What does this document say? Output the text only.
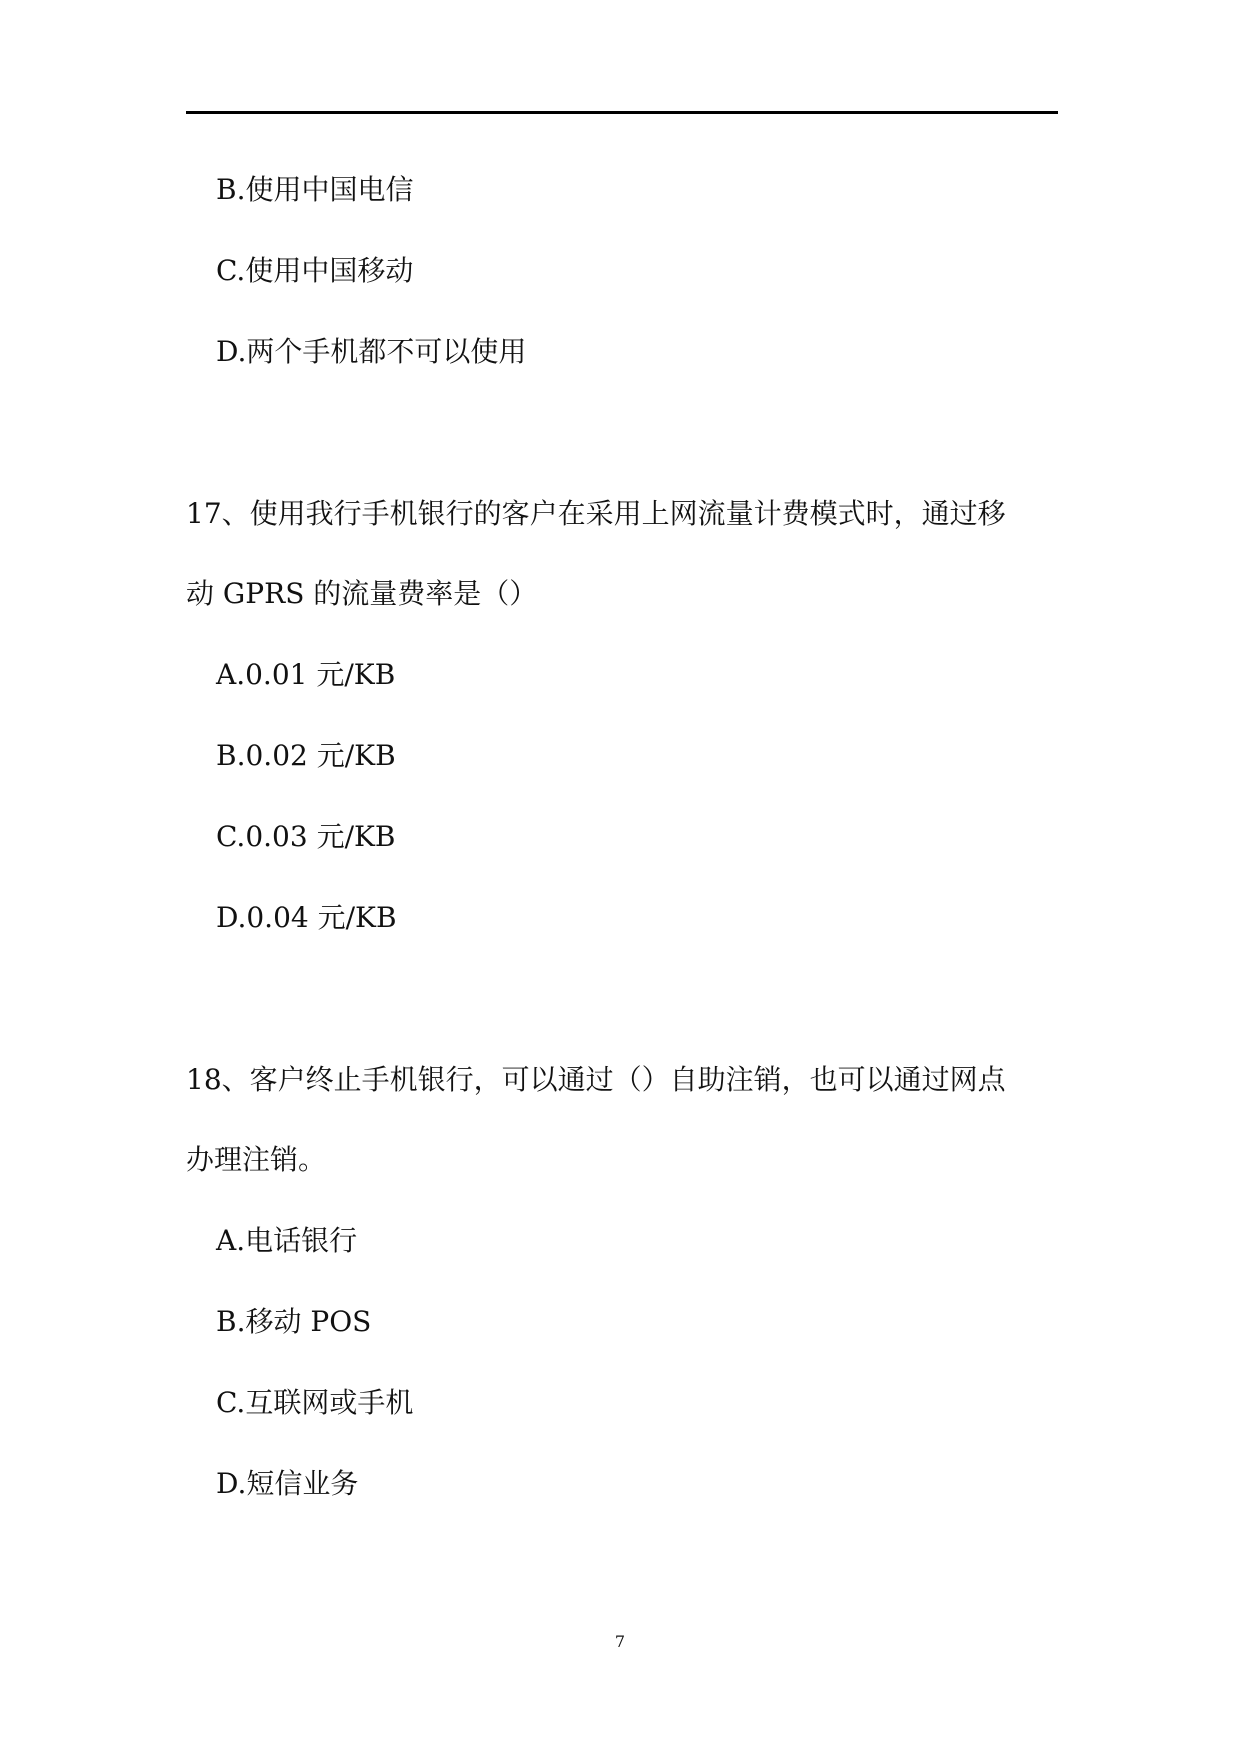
B.使用中国电信
C.使用中国移动
D.两个手机都不可以使用
17、使用我行手机银行的客户在采用上网流量计费模式时，通过移
动 GPRS 的流量费率是（）
A.0.01 元/KB
B.0.02 元/KB
C.0.03 元/KB
D.0.04 元/KB
18、客户终止手机银行，可以通过（）自助注销，也可以通过网点
办理注销。
A.电话银行
B.移动 POS
C.互联网或手机
D.短信业务
7
